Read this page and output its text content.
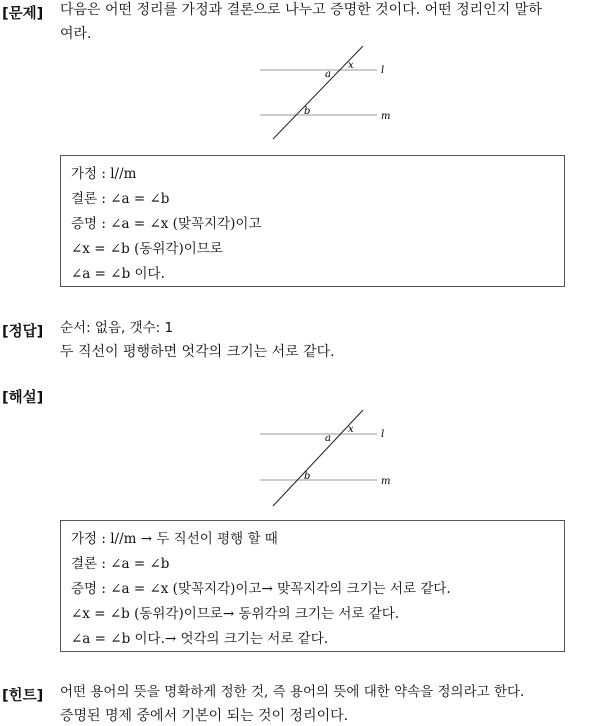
[문제] 다음은 어떤 정리를 가정과 결론으로 나누고 증명한 것이다. 어떤 정리인지 말하
여라.
a
x
b
l
m
가정 : l//m
결론 : ∠a = ∠b
증명 : ∠a = ∠x (맞꼭지각)이고
∠x = ∠b (동위각)이므로
∠a = ∠b 이다.
[정답] 순서: 없음, 갯수: 1
두 직선이 평행하면 엇각의 크기는 서로 같다.
[해설]
a
x
b
l
m
가정 : l//m → 두 직선이 평행 할 때
결론 : ∠a = ∠b
증명 : ∠a = ∠x (맞꼭지각)이고→ 맞꼭지각의 크기는 서로 같다.
∠x = ∠b (동위각)이므로→ 동위각의 크기는 서로 같다.
∠a = ∠b 이다.→ 엇각의 크기는 서로 같다.
[힌트] 어떤 용어의 뜻을 명확하게 정한 것, 즉 용어의 뜻에 대한 약속을 정의라고 한다.
증명된 명제 중에서 기본이 되는 것이 정리이다.
